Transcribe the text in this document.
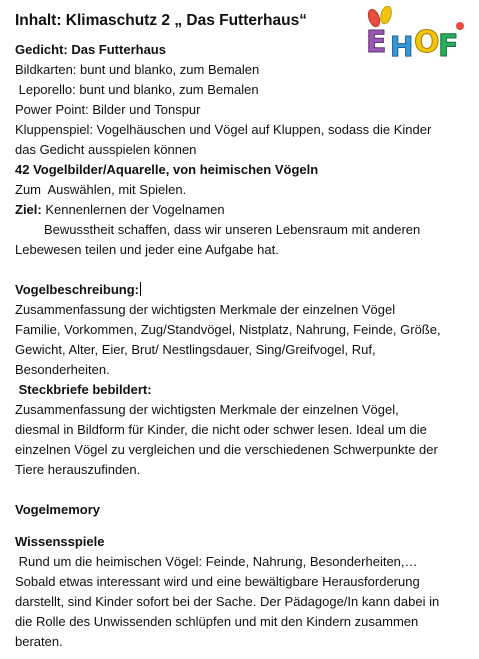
E H O
F
Inhalt: Klimaschutz 2 „ Das Futterhaus“
Gedicht: Das Futterhaus
Bildkarten: bunt und blanko, zum Bemalen
Leporello: bunt und blanko, zum Bemalen
Power Point: Bilder und Tonspur
Kluppenspiel: Vogelhäuschen und Vögel auf Kluppen, sodass die Kinder
das Gedicht ausspielen können
42 Vogelbilder/Aquarelle, von heimischen Vögeln
Zum  Auswählen, mit Spielen.
Ziel: Kennenlernen der Vogelnamen
Bewusstheit schaffen, dass wir unseren Lebensraum mit anderen
Lebewesen teilen und jeder eine Aufgabe hat.
Vogelbeschreibung:
Zusammenfassung der wichtigsten Merkmale der einzelnen Vögel
Familie, Vorkommen, Zug/Standvögel, Nistplatz, Nahrung, Feinde, Größe,
Gewicht, Alter, Eier, Brut/ Nestlingsdauer, Sing/Greifvogel, Ruf,
Besonderheiten.
Steckbriefe bebildert:
Zusammenfassung der wichtigsten Merkmale der einzelnen Vögel,
diesmal in Bildform für Kinder, die nicht oder schwer lesen. Ideal um die
einzelnen Vögel zu vergleichen und die verschiedenen Schwerpunkte der
Tiere herauszufinden.
Vogelmemory
Wissensspiele
Rund um die heimischen Vögel: Feinde, Nahrung, Besonderheiten,…
Sobald etwas interessant wird und eine bewältigbare Herausforderung
darstellt, sind Kinder sofort bei der Sache. Der Pädagoge/In kann dabei in
die Rolle des Unwissenden schlüpfen und mit den Kindern zusammen
beraten.
